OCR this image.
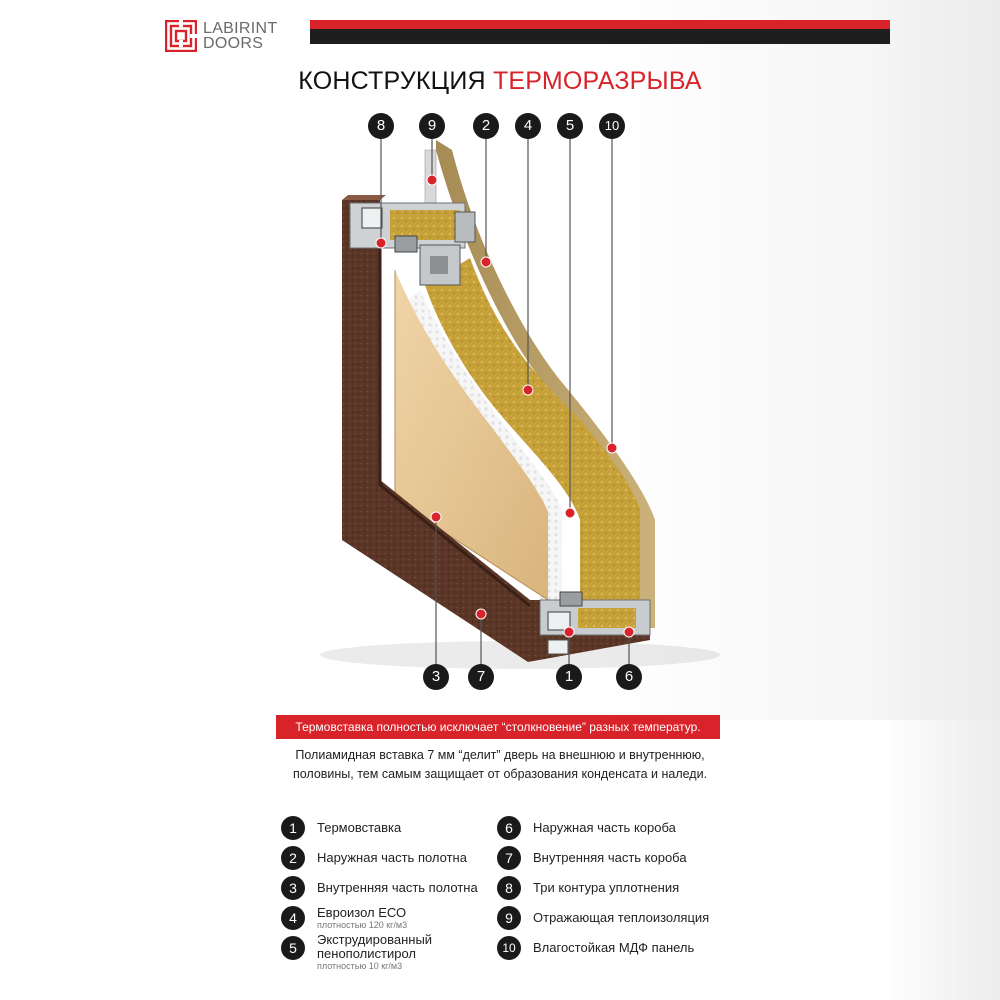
LABIRINT
DOORS
КОНСТРУКЦИЯ ТЕРМОРАЗРЫВА
8	9	2	4	5	10
3	7	1	6
Термовставка полностью исключает “столкновение” разных температур.
Полиамидная вставка 7 мм “делит” дверь на внешнюю и внутреннюю,
половины, тем самым защищает от образования конденсата и наледи.
1	Термовставка
2	Наружная часть полотна
3	Внутренняя часть полотна
4	Евроизол ЕСО
плотностью 120 кг/м3
5
Экструдированный
пенополистирол
плотностью 10 кг/м3
6	Наружная часть короба
7	Внутренняя часть короба
8	Три контура уплотнения
9	Отражающая теплоизоляция
10	Влагостойкая МДФ панель
